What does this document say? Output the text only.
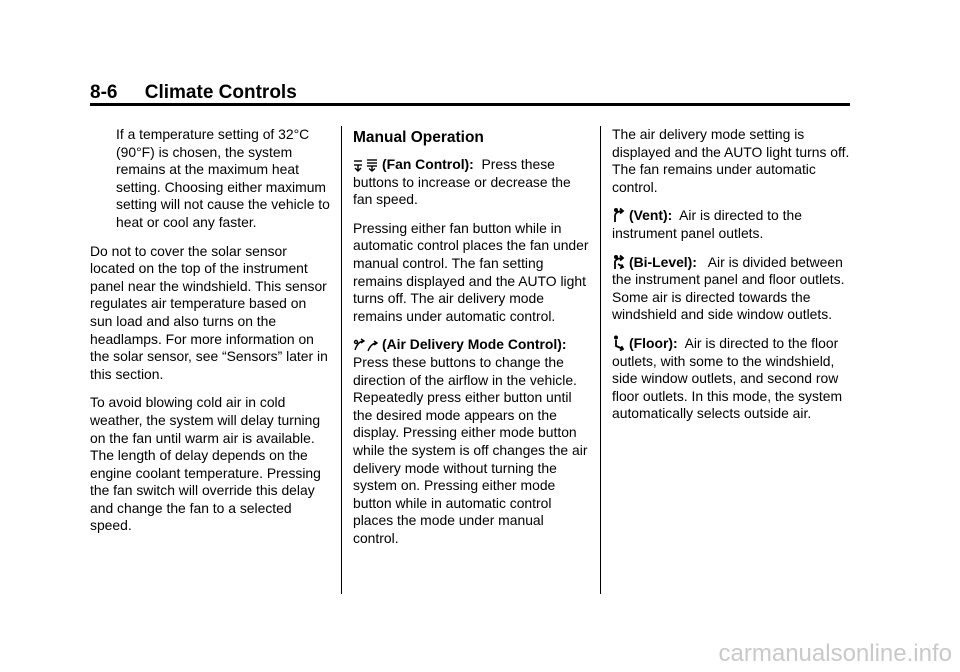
8-6 Climate Controls

If a temperature setting of 32°C (90°F) is chosen, the system remains at the maximum heat setting. Choosing either maximum setting will not cause the vehicle to heat or cool any faster.

Do not to cover the solar sensor located on the top of the instrument panel near the windshield. This sensor regulates air temperature based on sun load and also turns on the headlamps. For more information on the solar sensor, see “Sensors” later in this section.

To avoid blowing cold air in cold weather, the system will delay turning on the fan until warm air is available. The length of delay depends on the engine coolant temperature. Pressing the fan switch will override this delay and change the fan to a selected speed.

Manual Operation

(Fan Control): Press these buttons to increase or decrease the fan speed.

Pressing either fan button while in automatic control places the fan under manual control. The fan setting remains displayed and the AUTO light turns off. The air delivery mode remains under automatic control.

(Air Delivery Mode Control): Press these buttons to change the direction of the airflow in the vehicle. Repeatedly press either button until the desired mode appears on the display. Pressing either mode button while the system is off changes the air delivery mode without turning the system on. Pressing either mode button while in automatic control places the mode under manual control.

The air delivery mode setting is displayed and the AUTO light turns off. The fan remains under automatic control.

(Vent): Air is directed to the instrument panel outlets.

(Bi-Level): Air is divided between the instrument panel and floor outlets. Some air is directed towards the windshield and side window outlets.

(Floor): Air is directed to the floor outlets, with some to the windshield, side window outlets, and second row floor outlets. In this mode, the system automatically selects outside air.

carmanualsonline.info
